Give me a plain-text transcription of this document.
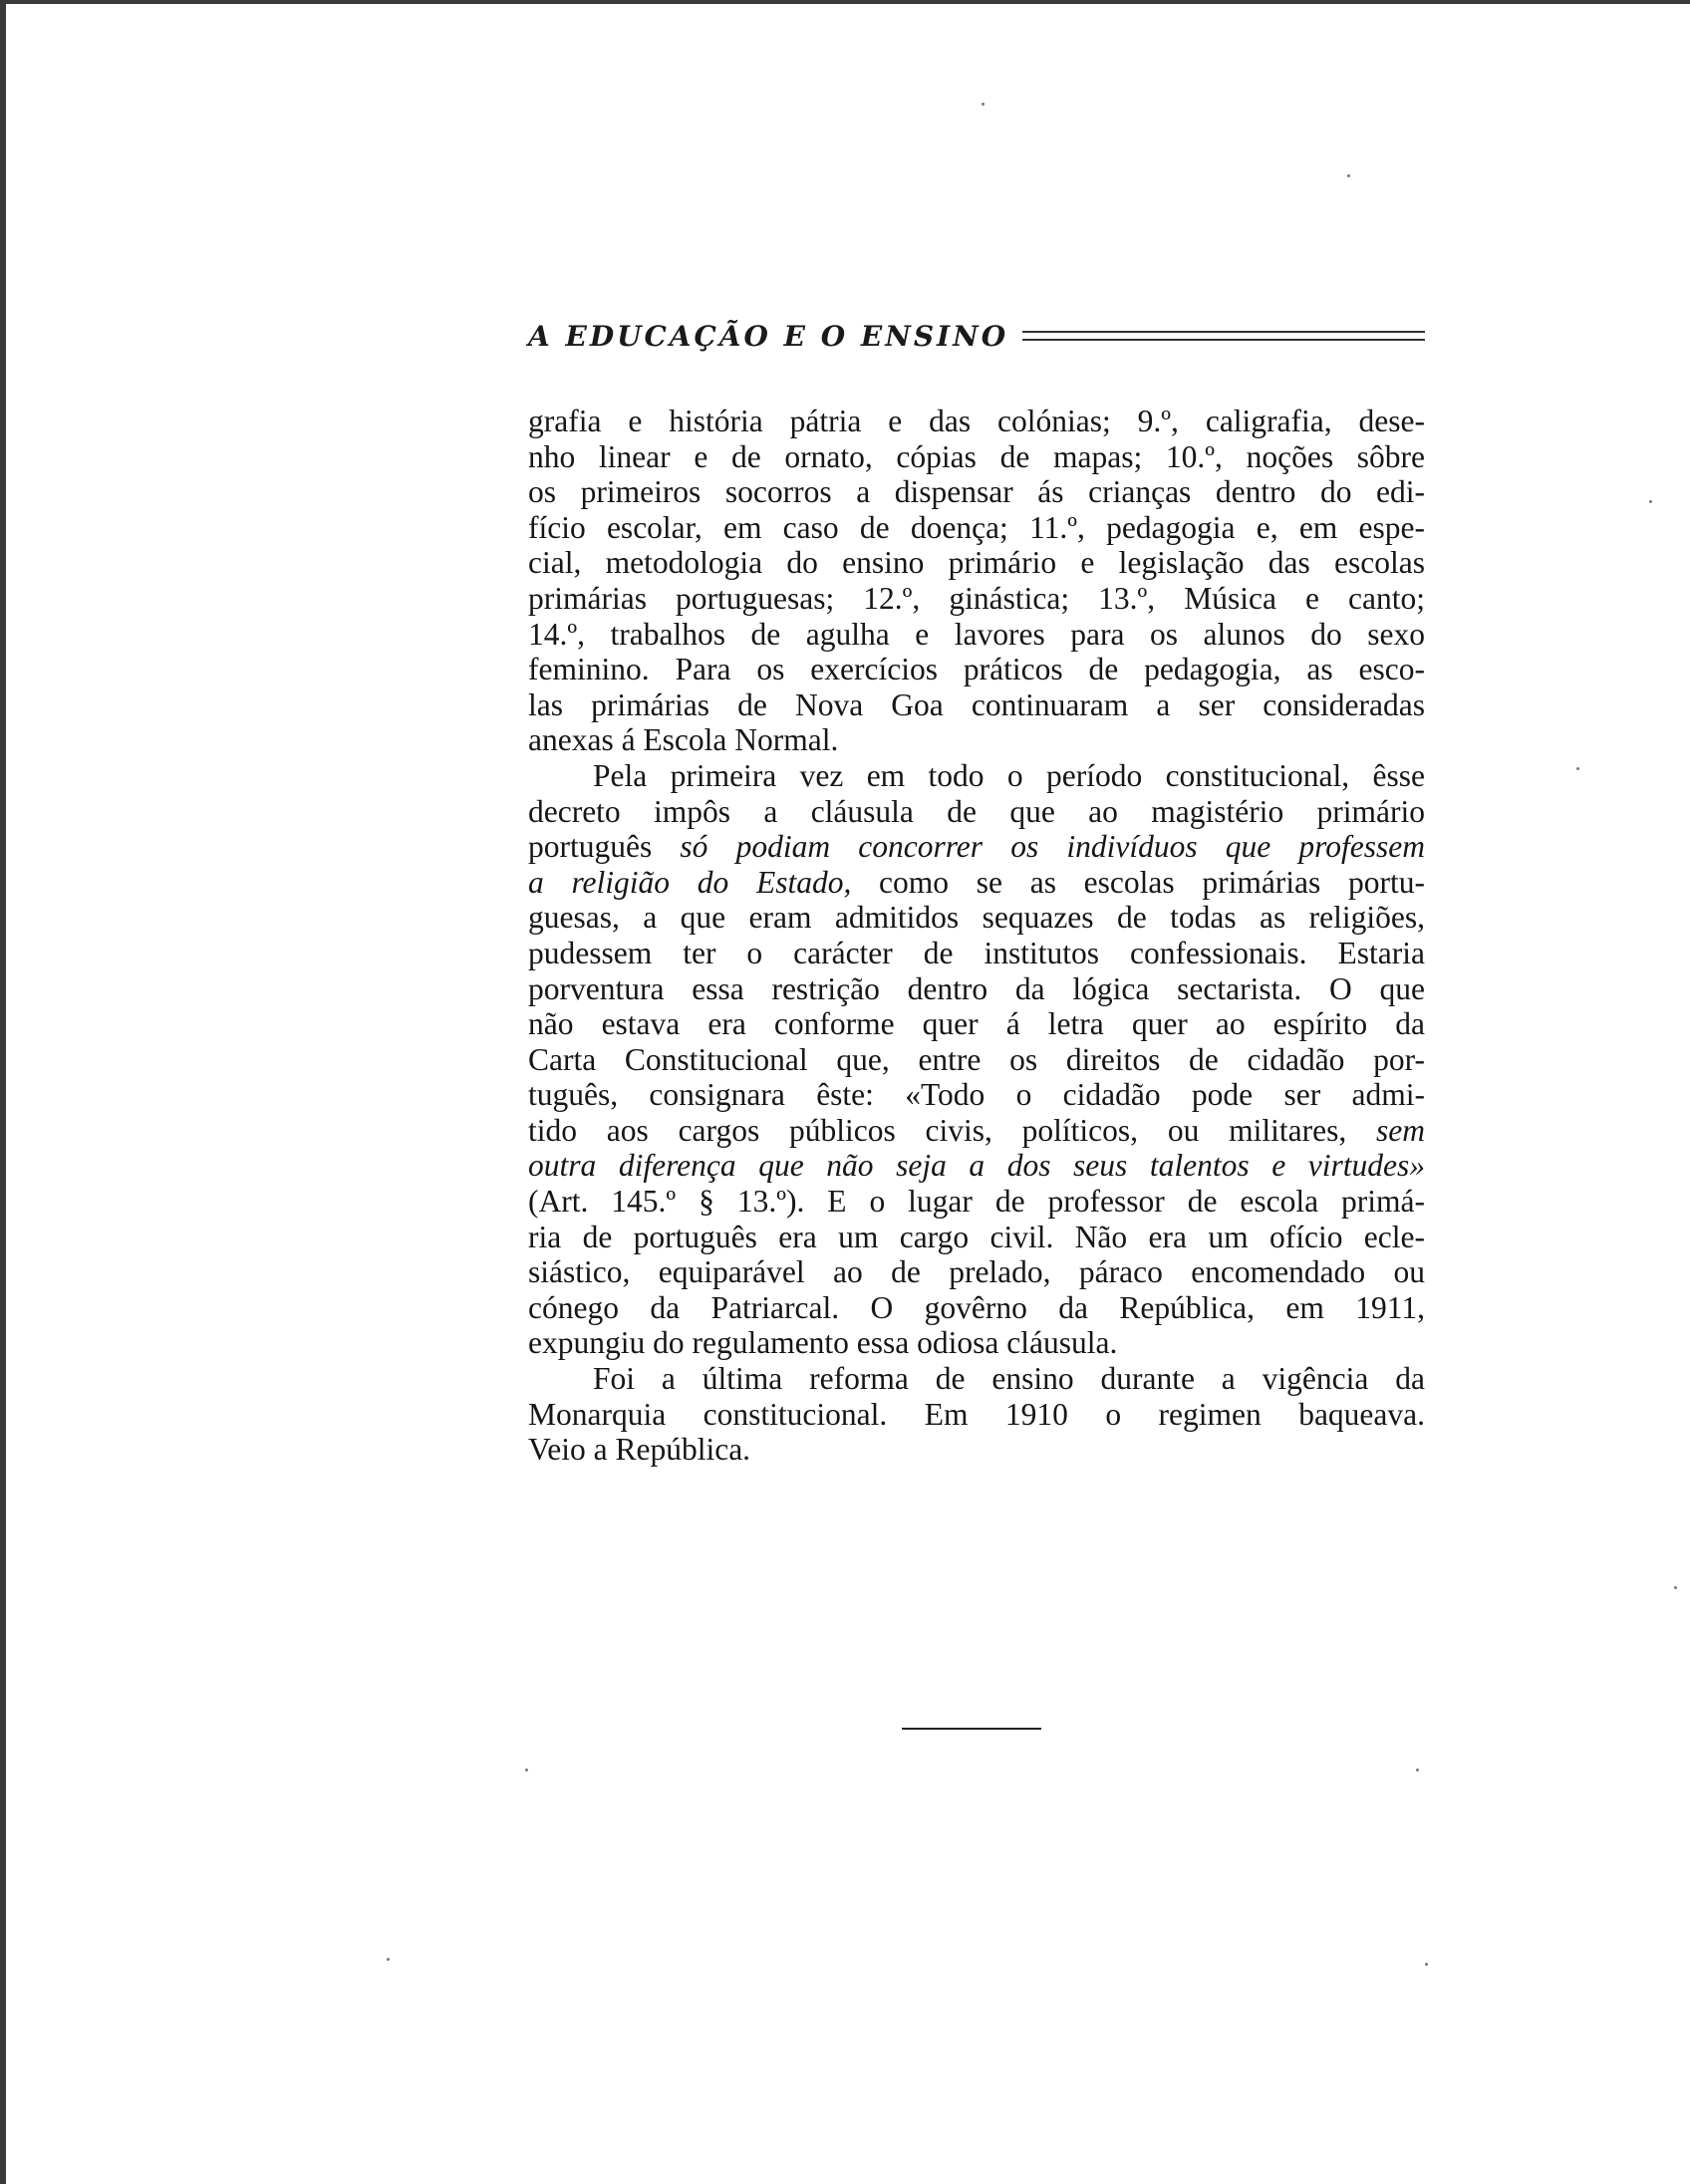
A EDUCAÇÃO E O ENSINO
grafia e história pátria e das colónias; 9.º, caligrafia, dese-
nho linear e de ornato, cópias de mapas; 10.º, noções sôbre
os primeiros socorros a dispensar ás crianças dentro do edi-
fício escolar, em caso de doença; 11.º, pedagogia e, em espe-
cial, metodologia do ensino primário e legislação das escolas
primárias portuguesas; 12.º, ginástica; 13.º, Música e canto;
14.º, trabalhos de agulha e lavores para os alunos do sexo
feminino. Para os exercícios práticos de pedagogia, as esco-
las primárias de Nova Goa continuaram a ser consideradas
anexas á Escola Normal.
Pela primeira vez em todo o período constitucional, êsse
decreto impôs a cláusula de que ao magistério primário
português só podiam concorrer os indivíduos que professem
a religião do Estado, como se as escolas primárias portu-
guesas, a que eram admitidos sequazes de todas as religiões,
pudessem ter o carácter de institutos confessionais. Estaria
porventura essa restrição dentro da lógica sectarista. O que
não estava era conforme quer á letra quer ao espírito da
Carta Constitucional que, entre os direitos de cidadão por-
tuguês, consignara êste: «Todo o cidadão pode ser admi-
tido aos cargos públicos civis, políticos, ou militares, sem
outra diferença que não seja a dos seus talentos e virtudes»
(Art. 145.º § 13.º). E o lugar de professor de escola primá-
ria de português era um cargo civil. Não era um ofício ecle-
siástico, equiparável ao de prelado, páraco encomendado ou
cónego da Patriarcal. O govêrno da República, em 1911,
expungiu do regulamento essa odiosa cláusula.
Foi a última reforma de ensino durante a vigência da
Monarquia constitucional. Em 1910 o regimen baqueava.
Veio a República.
